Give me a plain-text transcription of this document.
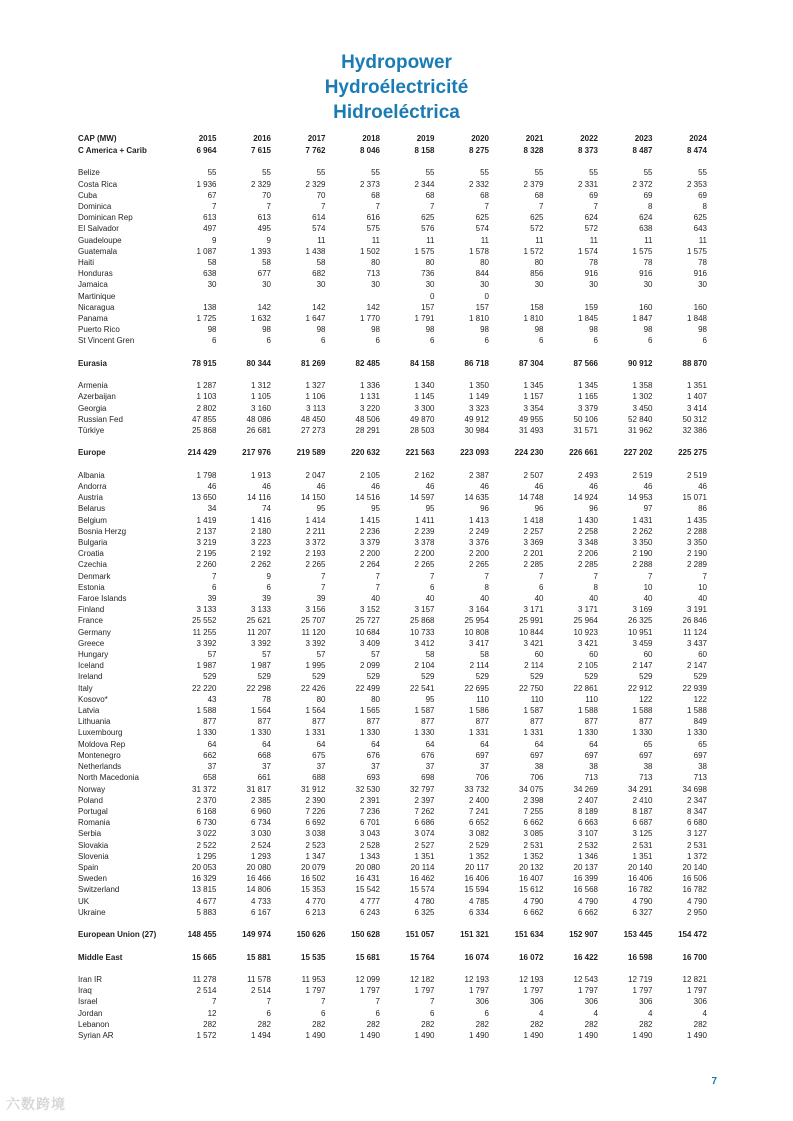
Hydropower
Hydroélectricité
Hidroeléctrica
CAP (MW)	2015	2016	2017	2018	2019	2020	2021	2022	2023	2024
C America + Carib	6 964	7 615	7 762	8 046	8 158	8 275	8 328	8 373	8 487	8 474

Belize	55	55	55	55	55	55	55	55	55	55
Costa Rica	1 936	2 329	2 329	2 373	2 344	2 332	2 379	2 331	2 372	2 353
Cuba	67	70	70	68	68	68	68	69	69	69
Dominica	7	7	7	7	7	7	7	7	8	8
Dominican Rep	613	613	614	616	625	625	625	624	624	625
El Salvador	497	495	574	575	576	574	572	572	638	643
Guadeloupe	9	9	11	11	11	11	11	11	11	11
Guatemala	1 087	1 393	1 438	1 502	1 575	1 578	1 572	1 574	1 575	1 575
Haiti	58	58	58	80	80	80	80	78	78	78
Honduras	638	677	682	713	736	844	856	916	916	916
Jamaica	30	30	30	30	30	30	30	30	30	30
Martinique					0	0				
Nicaragua	138	142	142	142	157	157	158	159	160	160
Panama	1 725	1 632	1 647	1 770	1 791	1 810	1 810	1 845	1 847	1 848
Puerto Rico	98	98	98	98	98	98	98	98	98	98
St Vincent Gren	6	6	6	6	6	6	6	6	6	6

Eurasia	78 915	80 344	81 269	82 485	84 158	86 718	87 304	87 566	90 912	88 870

Armenia	1 287	1 312	1 327	1 336	1 340	1 350	1 345	1 345	1 358	1 351
Azerbaijan	1 103	1 105	1 106	1 131	1 145	1 149	1 157	1 165	1 302	1 407
Georgia	2 802	3 160	3 113	3 220	3 300	3 323	3 354	3 379	3 450	3 414
Russian Fed	47 855	48 086	48 450	48 506	49 870	49 912	49 955	50 106	52 840	50 312
Türkiye	25 868	26 681	27 273	28 291	28 503	30 984	31 493	31 571	31 962	32 386

Europe	214 429	217 976	219 589	220 632	221 563	223 093	224 230	226 661	227 202	225 275

Albania	1 798	1 913	2 047	2 105	2 162	2 387	2 507	2 493	2 519	2 519
Andorra	46	46	46	46	46	46	46	46	46	46
Austria	13 650	14 116	14 150	14 516	14 597	14 635	14 748	14 924	14 953	15 071
Belarus	34	74	95	95	95	96	96	96	97	86
Belgium	1 419	1 416	1 414	1 415	1 411	1 413	1 418	1 430	1 431	1 435
Bosnia Herzg	2 137	2 180	2 211	2 236	2 239	2 249	2 257	2 258	2 262	2 288
Bulgaria	3 219	3 223	3 372	3 379	3 378	3 376	3 369	3 348	3 350	3 350
Croatia	2 195	2 192	2 193	2 200	2 200	2 200	2 201	2 206	2 190	2 190
Czechia	2 260	2 262	2 265	2 264	2 265	2 265	2 285	2 285	2 288	2 289
Denmark	7	9	7	7	7	7	7	7	7	7
Estonia	6	6	7	7	6	8	6	8	10	10
Faroe Islands	39	39	39	40	40	40	40	40	40	40
Finland	3 133	3 133	3 156	3 152	3 157	3 164	3 171	3 171	3 169	3 191
France	25 552	25 621	25 707	25 727	25 868	25 954	25 991	25 964	26 325	26 846
Germany	11 255	11 207	11 120	10 684	10 733	10 808	10 844	10 923	10 951	11 124
Greece	3 392	3 392	3 392	3 409	3 412	3 417	3 421	3 421	3 459	3 437
Hungary	57	57	57	57	58	58	60	60	60	60
Iceland	1 987	1 987	1 995	2 099	2 104	2 114	2 114	2 105	2 147	2 147
Ireland	529	529	529	529	529	529	529	529	529	529
Italy	22 220	22 298	22 426	22 499	22 541	22 695	22 750	22 861	22 912	22 939
Kosovo*	43	78	80	80	95	110	110	110	122	122
Latvia	1 588	1 564	1 564	1 565	1 587	1 586	1 587	1 588	1 588	1 588
Lithuania	877	877	877	877	877	877	877	877	877	849
Luxembourg	1 330	1 330	1 331	1 330	1 330	1 331	1 331	1 330	1 330	1 330
Moldova Rep	64	64	64	64	64	64	64	64	65	65
Montenegro	662	668	675	676	676	697	697	697	697	697
Netherlands	37	37	37	37	37	37	38	38	38	38
North Macedonia	658	661	688	693	698	706	706	713	713	713
Norway	31 372	31 817	31 912	32 530	32 797	33 732	34 075	34 269	34 291	34 698
Poland	2 370	2 385	2 390	2 391	2 397	2 400	2 398	2 407	2 410	2 347
Portugal	6 168	6 960	7 226	7 236	7 262	7 241	7 255	8 189	8 187	8 347
Romania	6 730	6 734	6 692	6 701	6 686	6 652	6 662	6 663	6 687	6 680
Serbia	3 022	3 030	3 038	3 043	3 074	3 082	3 085	3 107	3 125	3 127
Slovakia	2 522	2 524	2 523	2 528	2 527	2 529	2 531	2 532	2 531	2 531
Slovenia	1 295	1 293	1 347	1 343	1 351	1 352	1 352	1 346	1 351	1 372
Spain	20 053	20 080	20 079	20 080	20 114	20 117	20 132	20 137	20 140	20 140
Sweden	16 329	16 466	16 502	16 431	16 462	16 406	16 407	16 399	16 406	16 506
Switzerland	13 815	14 806	15 353	15 542	15 574	15 594	15 612	16 568	16 782	16 782
UK	4 677	4 733	4 770	4 777	4 780	4 785	4 790	4 790	4 790	4 790
Ukraine	5 883	6 167	6 213	6 243	6 325	6 334	6 662	6 662	6 327	2 950

European Union (27)	148 455	149 974	150 626	150 628	151 057	151 321	151 634	152 907	153 445	154 472

Middle East	15 665	15 881	15 535	15 681	15 764	16 074	16 072	16 422	16 598	16 700

Iran IR	11 278	11 578	11 953	12 099	12 182	12 193	12 193	12 543	12 719	12 821
Iraq	2 514	2 514	1 797	1 797	1 797	1 797	1 797	1 797	1 797	1 797
Israel	7	7	7	7	7	306	306	306	306	306
Jordan	12	6	6	6	6	6	4	4	4	4
Lebanon	282	282	282	282	282	282	282	282	282	282
Syrian AR	1 572	1 494	1 490	1 490	1 490	1 490	1 490	1 490	1 490	1 490
7
六数跨境
